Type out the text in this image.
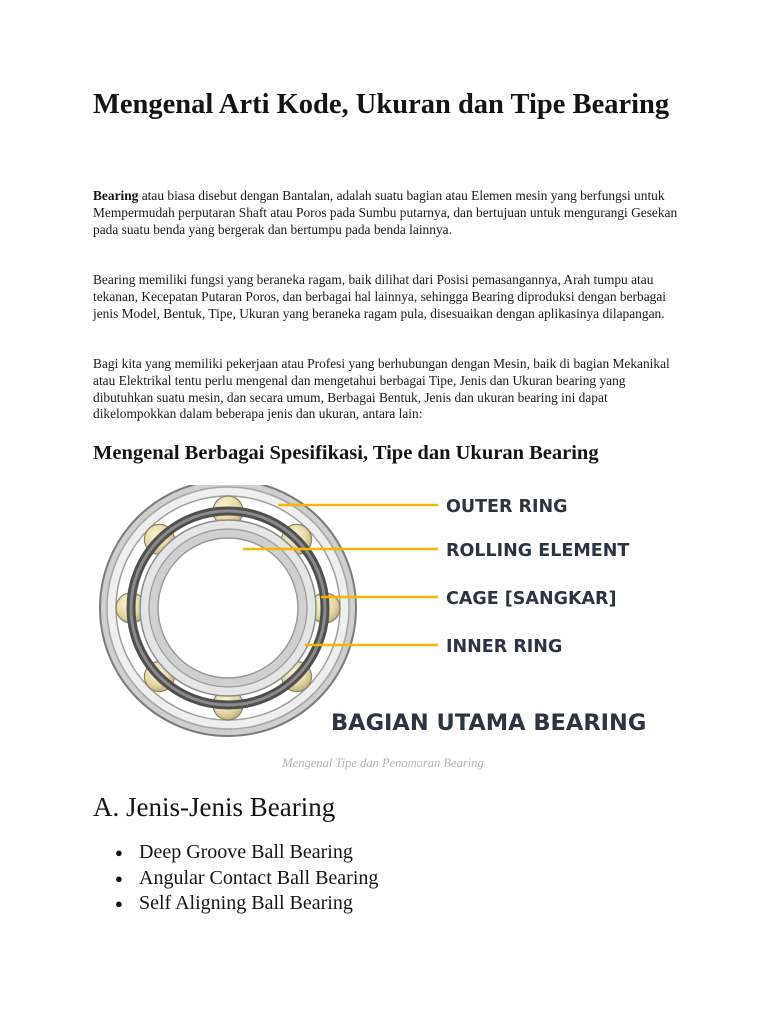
Mengenal Arti Kode, Ukuran dan Tipe Bearing

Bearing atau biasa disebut dengan Bantalan, adalah suatu bagian atau Elemen mesin yang berfungsi untuk Mempermudah perputaran Shaft atau Poros pada Sumbu putarnya, dan bertujuan untuk mengurangi Gesekan pada suatu benda yang bergerak dan bertumpu pada benda lainnya.

Bearing memiliki fungsi yang beraneka ragam, baik dilihat dari Posisi pemasangannya, Arah tumpu atau tekanan, Kecepatan Putaran Poros, dan berbagai hal lainnya, sehingga Bearing diproduksi dengan berbagai jenis Model, Bentuk, Tipe, Ukuran yang beraneka ragam pula, disesuaikan dengan aplikasinya dilapangan.

Bagi kita yang memiliki pekerjaan atau Profesi yang berhubungan dengan Mesin, baik di bagian Mekanikal atau Elektrikal tentu perlu mengenal dan mengetahui berbagai Tipe, Jenis dan Ukuran bearing yang dibutuhkan suatu mesin, dan secara umum, Berbagai Bentuk, Jenis dan ukuran bearing ini dapat dikelompokkan dalam beberapa jenis dan ukuran, antara lain:

Mengenal Berbagai Spesifikasi, Tipe dan Ukuran Bearing
OUTER RING
ROLLING ELEMENT
CAGE [SANGKAR]
INNER RING
BAGIAN UTAMA BEARING
Mengenal Tipe dan Penomoran Bearing
A. Jenis-Jenis Bearing
● Deep Groove Ball Bearing
● Angular Contact Ball Bearing
● Self Aligning Ball Bearing
